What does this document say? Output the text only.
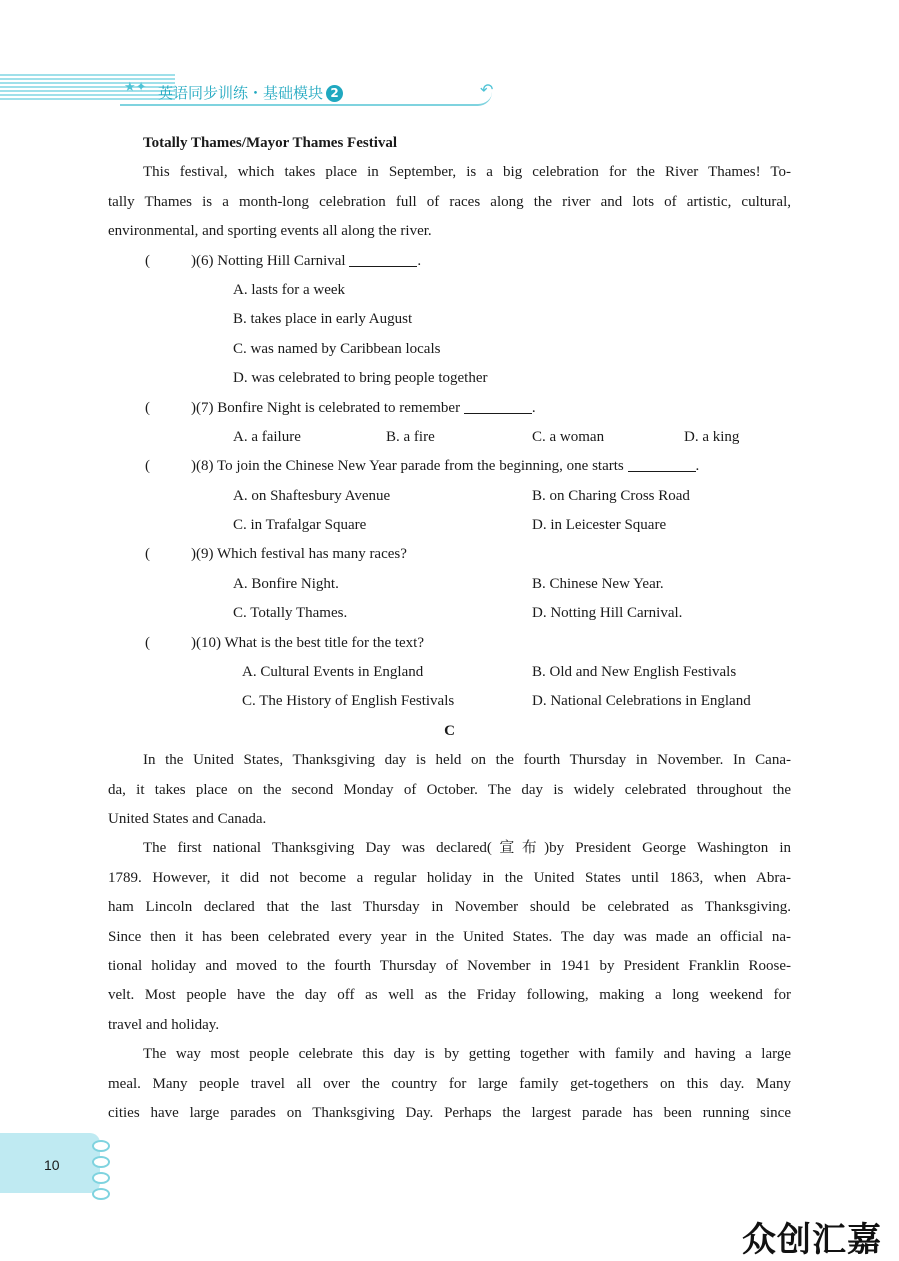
★✦ 英语同步训练・基础模块 2	↶
Totally Thames/Mayor Thames Festival
This festival, which takes place in September, is a big celebration for the River Thames! To-
tally Thames is a month-long celebration full of races along the river and lots of artistic, cultural,
environmental, and sporting events all along the river.
(	)(6) Notting Hill Carnival	.
A. lasts for a week
B. takes place in early August
C. was named by Caribbean locals
D. was celebrated to bring people together
(	)(7) Bonfire Night is celebrated to remember	.
A. a failure	B. a fire	C. a woman	D. a king
(	)(8) To join the Chinese New Year parade from the beginning, one starts	.
A. on Shaftesbury Avenue	B. on Charing Cross Road
C. in Trafalgar Square	D. in Leicester Square
(	)(9) Which festival has many races?
A. Bonfire Night.	B. Chinese New Year.
C. Totally Thames.	D. Notting Hill Carnival.
(	)(10) What is the best title for the text?
A. Cultural Events in England	B. Old and New English Festivals
C. The History of English Festivals	D. National Celebrations in England
C
In the United States, Thanksgiving day is held on the fourth Thursday in November. In Cana-
da, it takes place on the second Monday of October. The day is widely celebrated throughout the
United States and Canada.
The first national Thanksgiving Day was declared(宣布)by President George Washington in
1789. However, it did not become a regular holiday in the United States until 1863, when Abra-
ham Lincoln declared that the last Thursday in November should be celebrated as Thanksgiving.
Since then it has been celebrated every year in the United States. The day was made an official na-
tional holiday and moved to the fourth Thursday of November in 1941 by President Franklin Roose-
velt. Most people have the day off as well as the Friday following, making a long weekend for
travel and holiday.
The way most people celebrate this day is by getting together with family and having a large
meal. Many people travel all over the country for large family get-togethers on this day. Many
cities have large parades on Thanksgiving Day. Perhaps the largest parade has been running since
10
众创汇嘉
